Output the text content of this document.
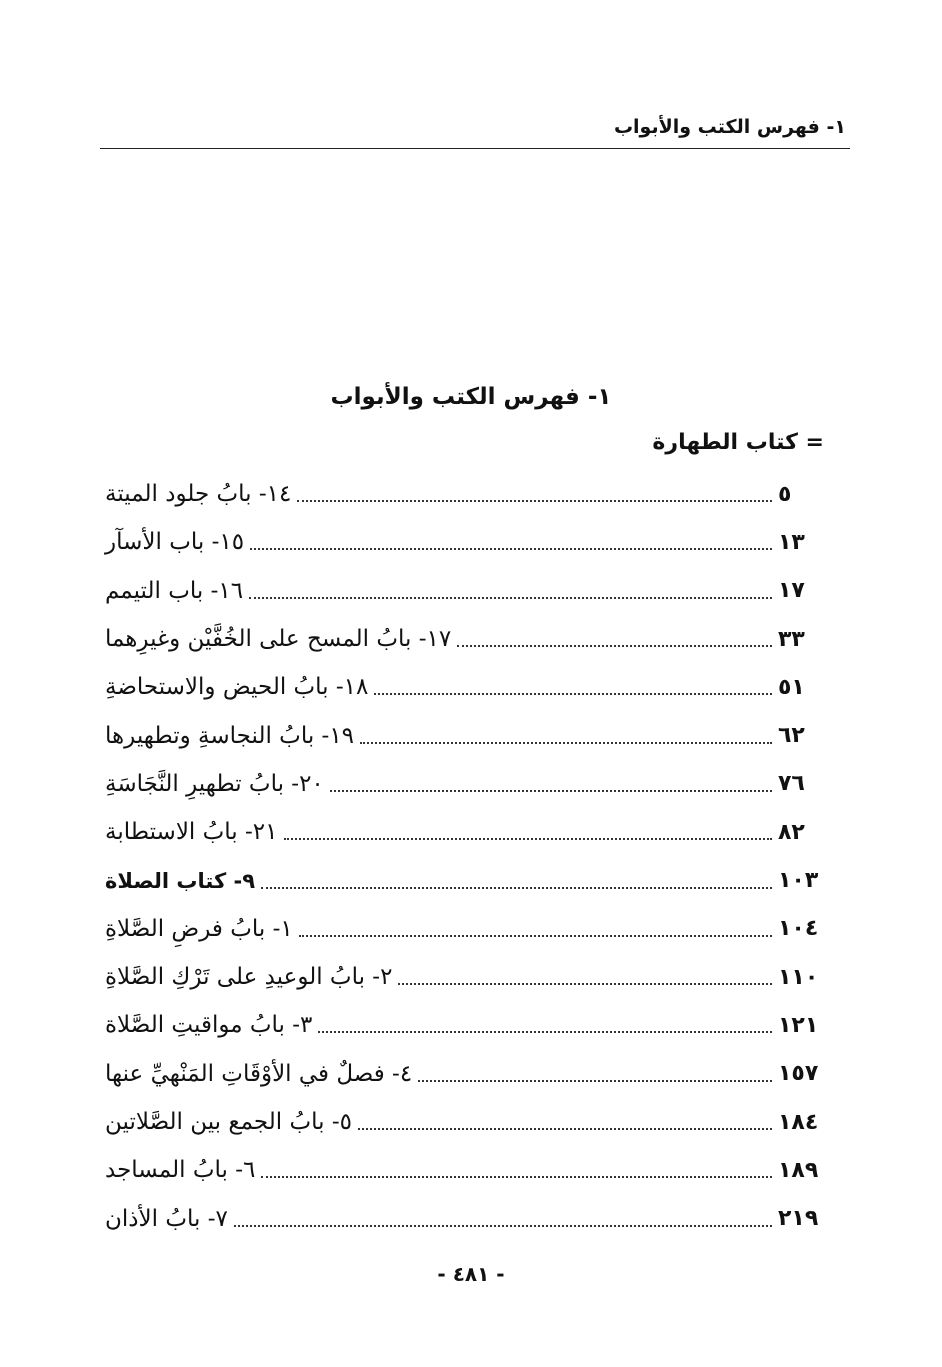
١- فهرس الكتب والأبواب
١- فهرس الكتب والأبواب
= كتاب الطهارة
١٤- بابُ جلود الميتة	٥
١٥- باب الأسآر	١٣
١٦- باب التيمم	١٧
١٧- بابُ المسح على الخُفَّيْن وغيرِهما	٣٣
١٨- بابُ الحيض والاستحاضةِ	٥١
١٩- بابُ النجاسةِ وتطهيرها	٦٢
٢٠- بابُ تطهيرِ النَّجَاسَةِ	٧٦
٢١- بابُ الاستطابة	٨٢
٩- كتاب الصلاة	١٠٣
١- بابُ فرضِ الصَّلاةِ	١٠٤
٢- بابُ الوعيدِ على تَرْكِ الصَّلاةِ	١١٠
٣- بابُ مواقيتِ الصَّلاة	١٢١
٤- فصلٌ في الأوْقَاتِ المَنْهيِّ عنها	١٥٧
٥- بابُ الجمع بين الصَّلاتين	١٨٤
٦- بابُ المساجد	١٨٩
٧- بابُ الأذان	٢١٩
- ٤٨١ -
